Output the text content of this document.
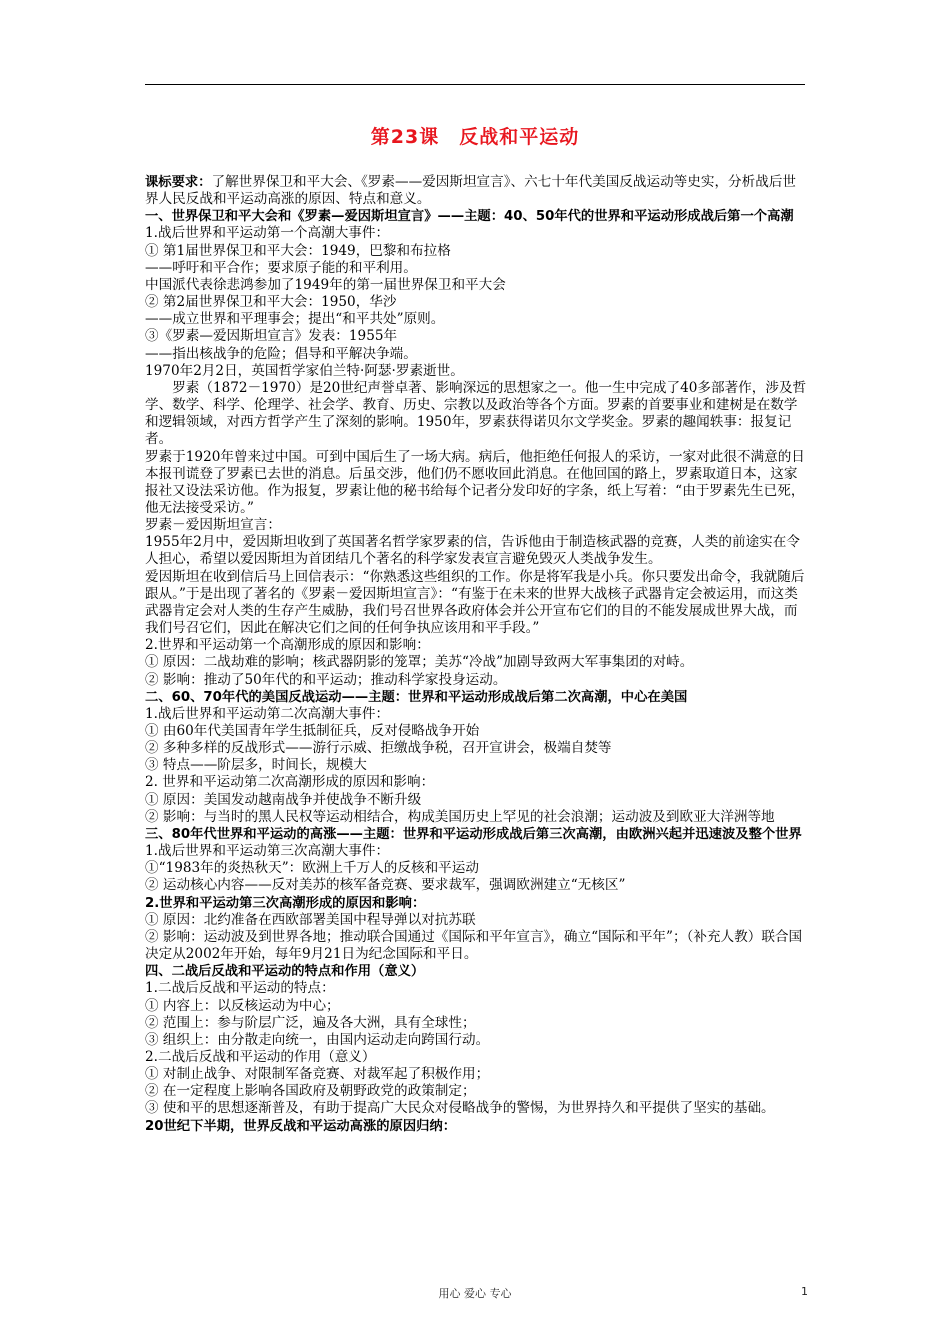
第23课　反战和平运动

课标要求：了解世界保卫和平大会、《罗素——爱因斯坦宣言》、六七十年代美国反战运动等史实，分析战后世界人民反战和平运动高涨的原因、特点和意义。

一、世界保卫和平大会和《罗素—爱因斯坦宣言》——主题：40、50年代的世界和平运动形成战后第一个高潮

1.战后世界和平运动第一个高潮大事件：

① 第1届世界保卫和平大会：1949，巴黎和布拉格

——呼吁和平合作；要求原子能的和平利用。

中国派代表徐悲鸿参加了1949年的第一届世界保卫和平大会

② 第2届世界保卫和平大会：1950，华沙

——成立世界和平理事会；提出“和平共处”原则。

③《罗素—爱因斯坦宣言》发表：1955年

——指出核战争的危险；倡导和平解决争端。

1970年2月2日，英国哲学家伯兰特·阿瑟·罗素逝世。

罗素（1872－1970）是20世纪声誉卓著、影响深远的思想家之一。他一生中完成了40多部著作，涉及哲学、数学、科学、伦理学、社会学、教育、历史、宗教以及政治等各个方面。罗素的首要事业和建树是在数学和逻辑领域，对西方哲学产生了深刻的影响。1950年，罗素获得诺贝尔文学奖金。罗素的趣闻轶事：报复记者。

罗素于1920年曾来过中国。可到中国后生了一场大病。病后，他拒绝任何报人的采访，一家对此很不满意的日本报刊谎登了罗素已去世的消息。后虽交涉，他们仍不愿收回此消息。在他回国的路上，罗素取道日本，这家报社又设法采访他。作为报复，罗素让他的秘书给每个记者分发印好的字条，纸上写着：“由于罗素先生已死，他无法接受采访。”

罗素－爱因斯坦宣言：

1955年2月中，爱因斯坦收到了英国著名哲学家罗素的信，告诉他由于制造核武器的竞赛，人类的前途实在令人担心，希望以爱因斯坦为首团结几个著名的科学家发表宣言避免毁灭人类战争发生。

爱因斯坦在收到信后马上回信表示：“你熟悉这些组织的工作。你是将军我是小兵。你只要发出命令，我就随后跟从。”于是出现了著名的《罗素－爱因斯坦宣言》：“有鉴于在未来的世界大战核子武器肯定会被运用，而这类武器肯定会对人类的生存产生威胁，我们号召世界各政府体会并公开宣布它们的目的不能发展成世界大战，而我们号召它们，因此在解决它们之间的任何争执应该用和平手段。”

2.世界和平运动第一个高潮形成的原因和影响：

① 原因：二战劫难的影响；核武器阴影的笼罩；美苏“冷战”加剧导致两大军事集团的对峙。

② 影响：推动了50年代的和平运动；推动科学家投身运动。

二、60、70年代的美国反战运动——主题：世界和平运动形成战后第二次高潮，中心在美国

1.战后世界和平运动第二次高潮大事件：

① 由60年代美国青年学生抵制征兵，反对侵略战争开始

② 多种多样的反战形式——游行示威、拒缴战争税，召开宣讲会，极端自焚等

③ 特点——阶层多，时间长，规模大

2. 世界和平运动第二次高潮形成的原因和影响：

① 原因：美国发动越南战争并使战争不断升级

② 影响：与当时的黑人民权等运动相结合，构成美国历史上罕见的社会浪潮；运动波及到欧亚大洋洲等地

三、80年代世界和平运动的高涨——主题：世界和平运动形成战后第三次高潮，由欧洲兴起并迅速波及整个世界

1.战后世界和平运动第三次高潮大事件：

①“1983年的炎热秋天”：欧洲上千万人的反核和平运动

② 运动核心内容——反对美苏的核军备竞赛、要求裁军，强调欧洲建立“无核区”

2.世界和平运动第三次高潮形成的原因和影响：

① 原因：北约准备在西欧部署美国中程导弹以对抗苏联

② 影响：运动波及到世界各地；推动联合国通过《国际和平年宣言》，确立“国际和平年”；（补充人教）联合国决定从2002年开始，每年9月21日为纪念国际和平日。

四、二战后反战和平运动的特点和作用（意义）

1.二战后反战和平运动的特点：

① 内容上：以反核运动为中心；

② 范围上：参与阶层广泛，遍及各大洲，具有全球性；

③ 组织上：由分散走向统一，由国内运动走向跨国行动。

2.二战后反战和平运动的作用（意义）

① 对制止战争、对限制军备竞赛、对裁军起了积极作用；

② 在一定程度上影响各国政府及朝野政党的政策制定；

③ 使和平的思想逐渐普及，有助于提高广大民众对侵略战争的警惕，为世界持久和平提供了坚实的基础。

20世纪下半期，世界反战和平运动高涨的原因归纳：

用心 爱心 专心	1
